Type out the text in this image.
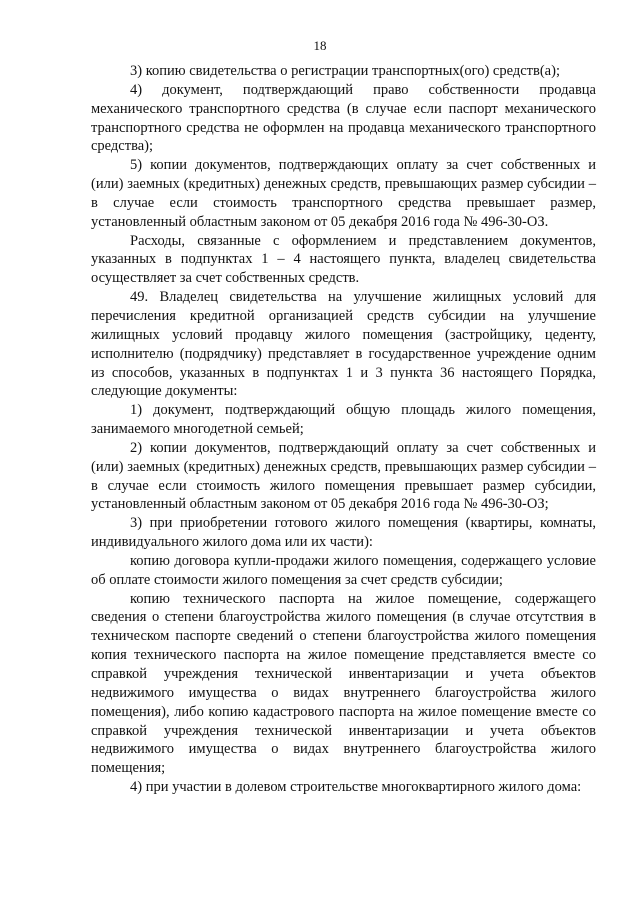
18

3) копию свидетельства о регистрации транспортных(ого) средств(а);

4) документ, подтверждающий право собственности продавца механического транспортного средства (в случае если паспорт механического транспортного средства не оформлен на продавца механического транспортного средства);

5) копии документов, подтверждающих оплату за счет собственных и (или) заемных (кредитных) денежных средств, превышающих размер субсидии – в случае если стоимость транспортного средства превышает размер, установленный областным законом от 05 декабря 2016 года № 496-30-ОЗ.

Расходы, связанные с оформлением и представлением документов, указанных в подпунктах 1 – 4 настоящего пункта, владелец свидетельства осуществляет за счет собственных средств.

49. Владелец свидетельства на улучшение жилищных условий для перечисления кредитной организацией средств субсидии на улучшение жилищных условий продавцу жилого помещения (застройщику, цеденту, исполнителю (подрядчику) представляет в государственное учреждение одним из способов, указанных в подпунктах 1 и 3 пункта 36 настоящего Порядка, следующие документы:

1) документ, подтверждающий общую площадь жилого помещения, занимаемого многодетной семьей;

2) копии документов, подтверждающий оплату за счет собственных и (или) заемных (кредитных) денежных средств, превышающих размер субсидии – в случае если стоимость жилого помещения превышает размер субсидии, установленный областным законом от 05 декабря 2016 года № 496-30-ОЗ;

3) при приобретении готового жилого помещения (квартиры, комнаты, индивидуального жилого дома или их части):

копию договора купли-продажи жилого помещения, содержащего условие об оплате стоимости жилого помещения за счет средств субсидии;

копию технического паспорта на жилое помещение, содержащего сведения о степени благоустройства жилого помещения (в случае отсутствия в техническом паспорте сведений о степени благоустройства жилого помещения копия технического паспорта на жилое помещение представляется вместе со справкой учреждения технической инвентаризации и учета объектов недвижимого имущества о видах внутреннего благоустройства жилого помещения), либо копию кадастрового паспорта на жилое помещение вместе со справкой учреждения технической инвентаризации и учета объектов недвижимого имущества о видах внутреннего благоустройства жилого помещения;

4) при участии в долевом строительстве многоквартирного жилого дома:
